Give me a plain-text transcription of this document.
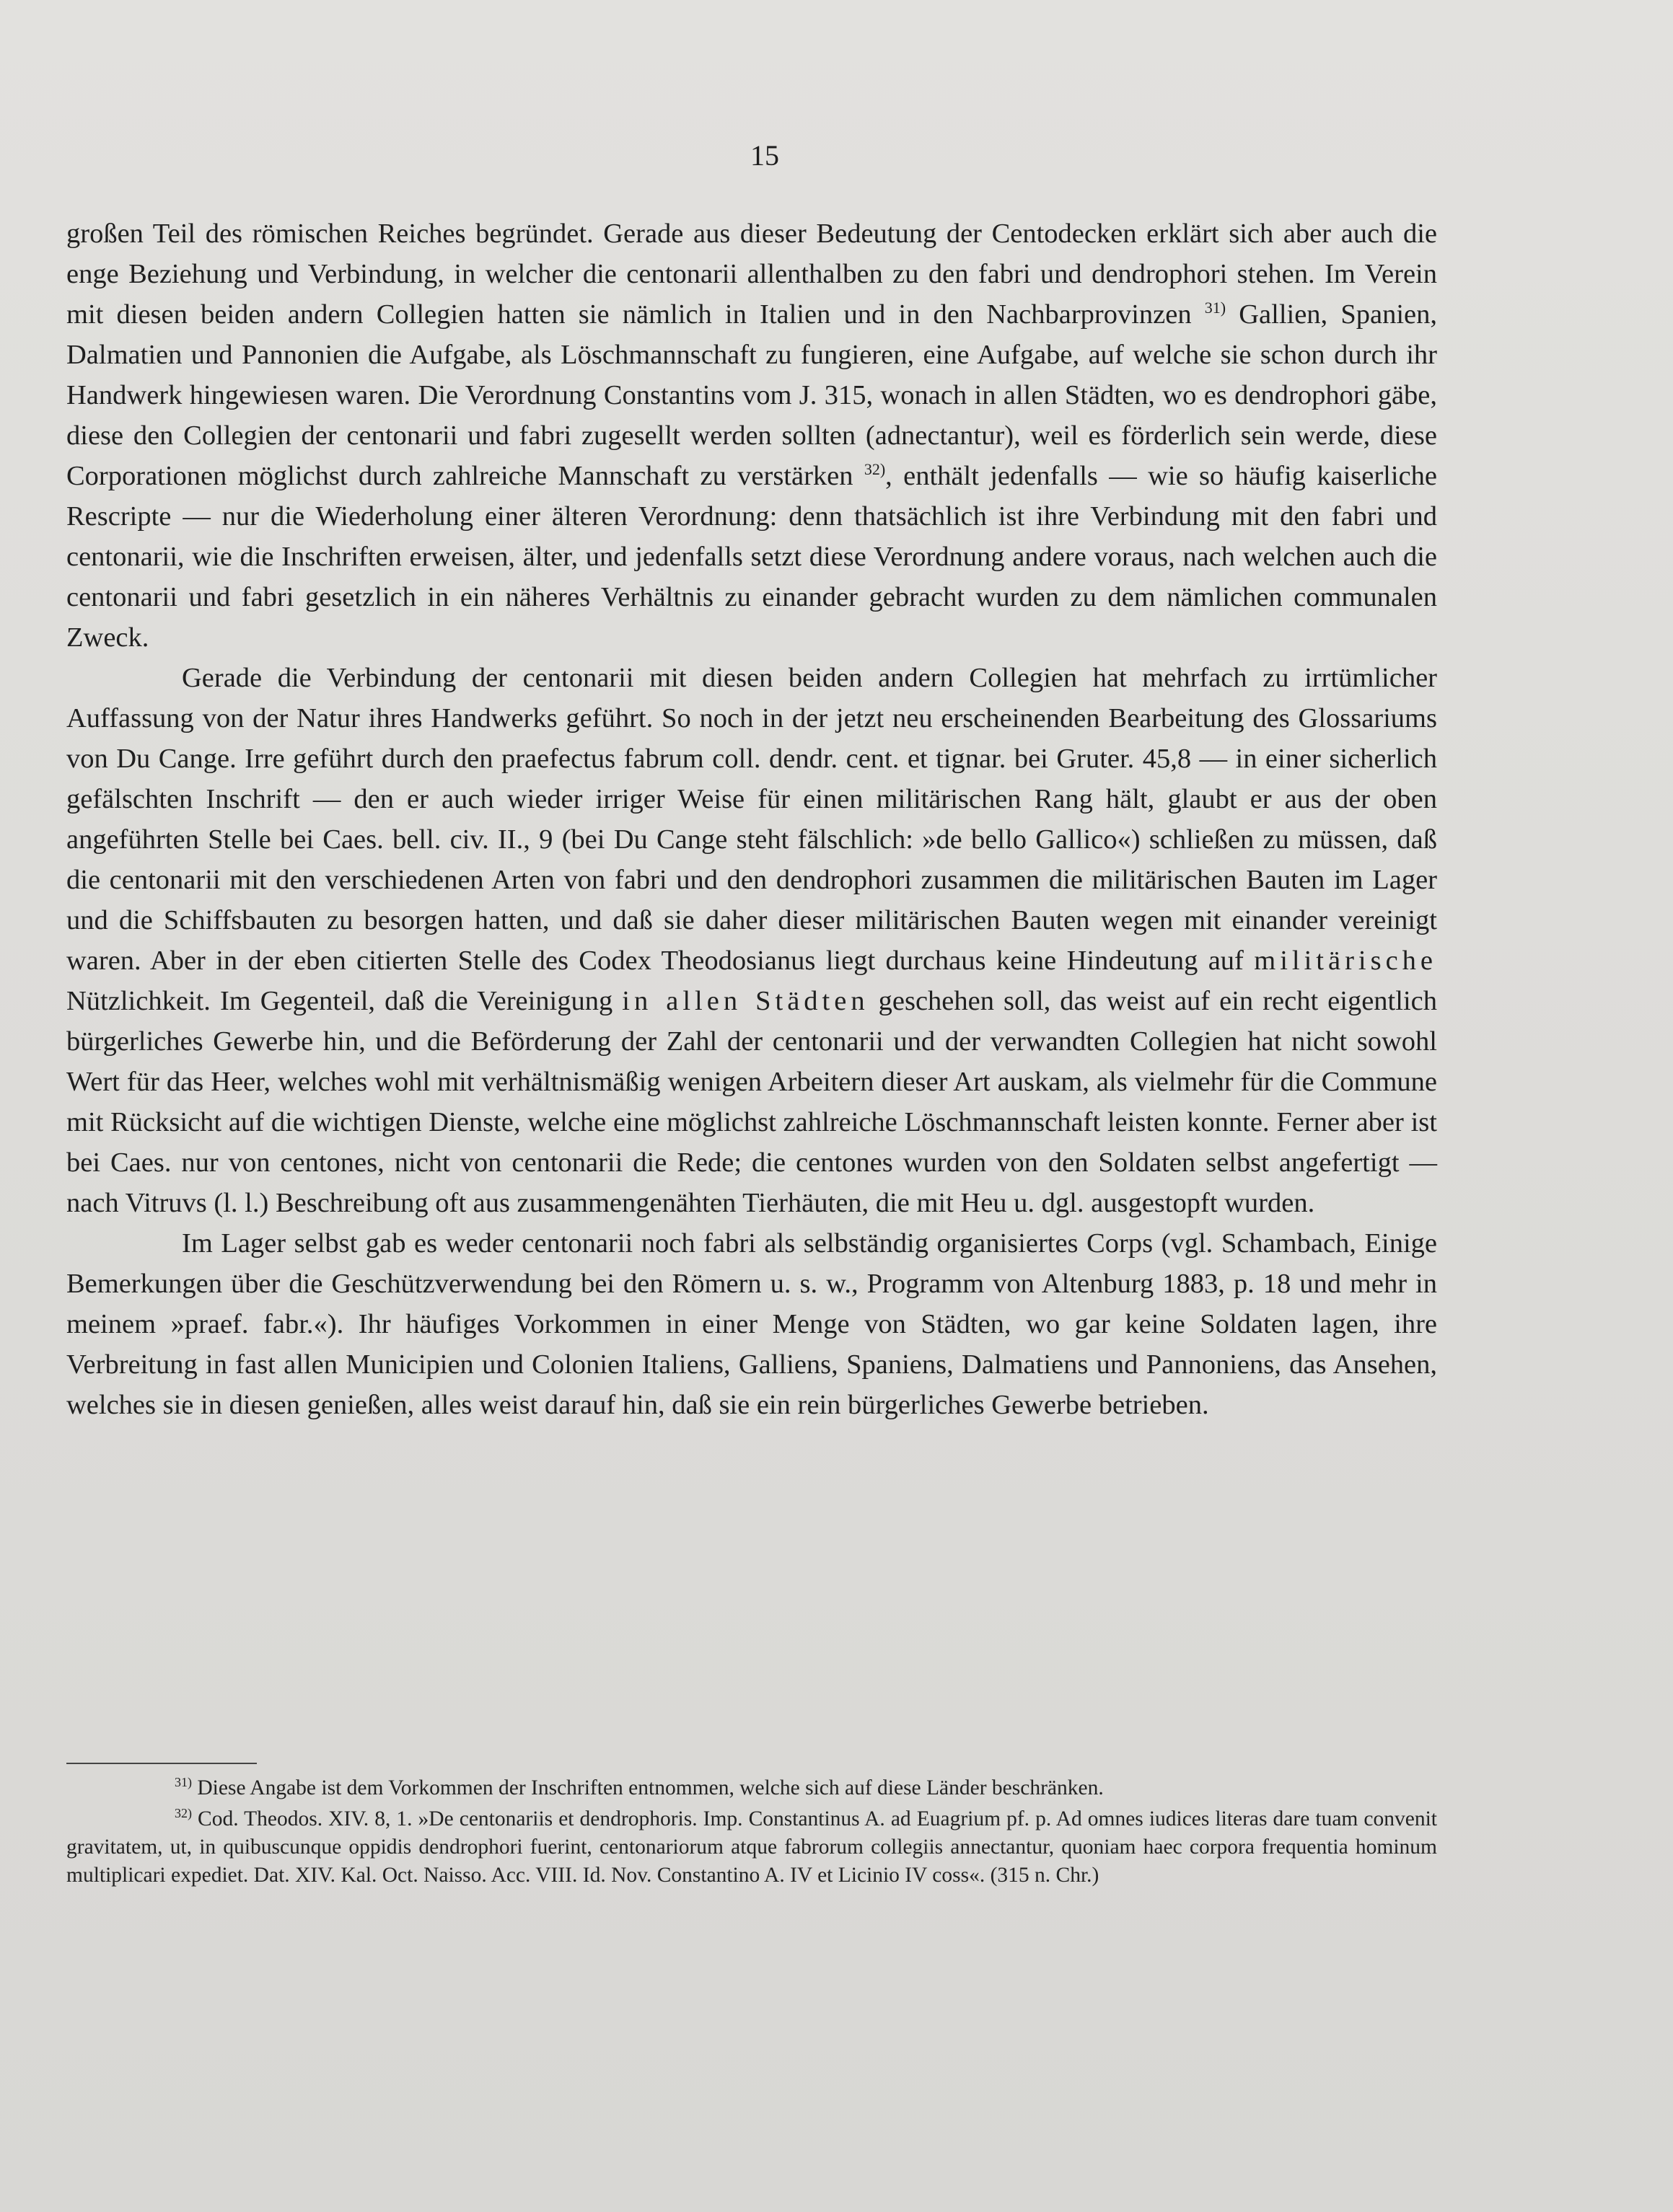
15

großen Teil des römischen Reiches begründet. Gerade aus dieser Bedeutung der Centodecken erklärt sich aber auch die enge Beziehung und Verbindung, in welcher die centonarii allenthalben zu den fabri und dendrophori stehen. Im Verein mit diesen beiden andern Collegien hatten sie nämlich in Italien und in den Nachbarprovinzen $^{31)}$ Gallien, Spanien, Dalmatien und Pannonien die Aufgabe, als Löschmannschaft zu fungieren, eine Aufgabe, auf welche sie schon durch ihr Handwerk hingewiesen waren. Die Verordnung Constantins vom J. 315, wonach in allen Städten, wo es dendrophori gäbe, diese den Collegien der centonarii und fabri zugesellt werden sollten (adnectantur), weil es förderlich sein werde, diese Corporationen möglichst durch zahlreiche Mannschaft zu verstärken $^{32)}$, enthält jedenfalls — wie so häufig kaiserliche Rescripte — nur die Wiederholung einer älteren Verordnung: denn thatsächlich ist ihre Verbindung mit den fabri und centonarii, wie die Inschriften erweisen, älter, und jedenfalls setzt diese Verordnung andere voraus, nach welchen auch die centonarii und fabri gesetzlich in ein näheres Verhältnis zu einander gebracht wurden zu dem nämlichen communalen Zweck.

Gerade die Verbindung der centonarii mit diesen beiden andern Collegien hat mehrfach zu irrtümlicher Auffassung von der Natur ihres Handwerks geführt. So noch in der jetzt neu erscheinenden Bearbeitung des Glossariums von Du Cange. Irre geführt durch den praefectus fabrum coll. dendr. cent. et tignar. bei Gruter. 45,8 — in einer sicherlich gefälschten Inschrift — den er auch wieder irriger Weise für einen militärischen Rang hält, glaubt er aus der oben angeführten Stelle bei Caes. bell. civ. II., 9 (bei Du Cange steht fälschlich: »de bello Gallico«) schließen zu müssen, daß die centonarii mit den verschiedenen Arten von fabri und den dendrophori zusammen die militärischen Bauten im Lager und die Schiffsbauten zu besorgen hatten, und daß sie daher dieser militärischen Bauten wegen mit einander vereinigt waren. Aber in der eben citierten Stelle des Codex Theodosianus liegt durchaus keine Hindeutung auf militärische Nützlichkeit. Im Gegenteil, daß die Vereinigung in allen Städten geschehen soll, das weist auf ein recht eigentlich bürgerliches Gewerbe hin, und die Beförderung der Zahl der centonarii und der verwandten Collegien hat nicht sowohl Wert für das Heer, welches wohl mit verhältnismäßig wenigen Arbeitern dieser Art auskam, als vielmehr für die Commune mit Rücksicht auf die wichtigen Dienste, welche eine möglichst zahlreiche Löschmannschaft leisten konnte. Ferner aber ist bei Caes. nur von centones, nicht von centonarii die Rede; die centones wurden von den Soldaten selbst angefertigt — nach Vitruvs (l. l.) Beschreibung oft aus zusammengenähten Tierhäuten, die mit Heu u. dgl. ausgestopft wurden.

Im Lager selbst gab es weder centonarii noch fabri als selbständig organisiertes Corps (vgl. Schambach, Einige Bemerkungen über die Geschützverwendung bei den Römern u. s. w., Programm von Altenburg 1883, p. 18 und mehr in meinem »praef. fabr.«). Ihr häufiges Vorkommen in einer Menge von Städten, wo gar keine Soldaten lagen, ihre Verbreitung in fast allen Municipien und Colonien Italiens, Galliens, Spaniens, Dalmatiens und Pannoniens, das Ansehen, welches sie in diesen genießen, alles weist darauf hin, daß sie ein rein bürgerliches Gewerbe betrieben.

$^{31)}$ Diese Angabe ist dem Vorkommen der Inschriften entnommen, welche sich auf diese Länder beschränken.

$^{32)}$ Cod. Theodos. XIV. 8, 1. »De centonariis et dendrophoris. Imp. Constantinus A. ad Euagrium pf. p. Ad omnes iudices literas dare tuam convenit gravitatem, ut, in quibuscunque oppidis dendrophori fuerint, centonariorum atque fabrorum collegiis annectantur, quoniam haec corpora frequentia hominum multiplicari expediet. Dat. XIV. Kal. Oct. Naisso. Acc. VIII. Id. Nov. Constantino A. IV et Licinio IV coss«. (315 n. Chr.)
